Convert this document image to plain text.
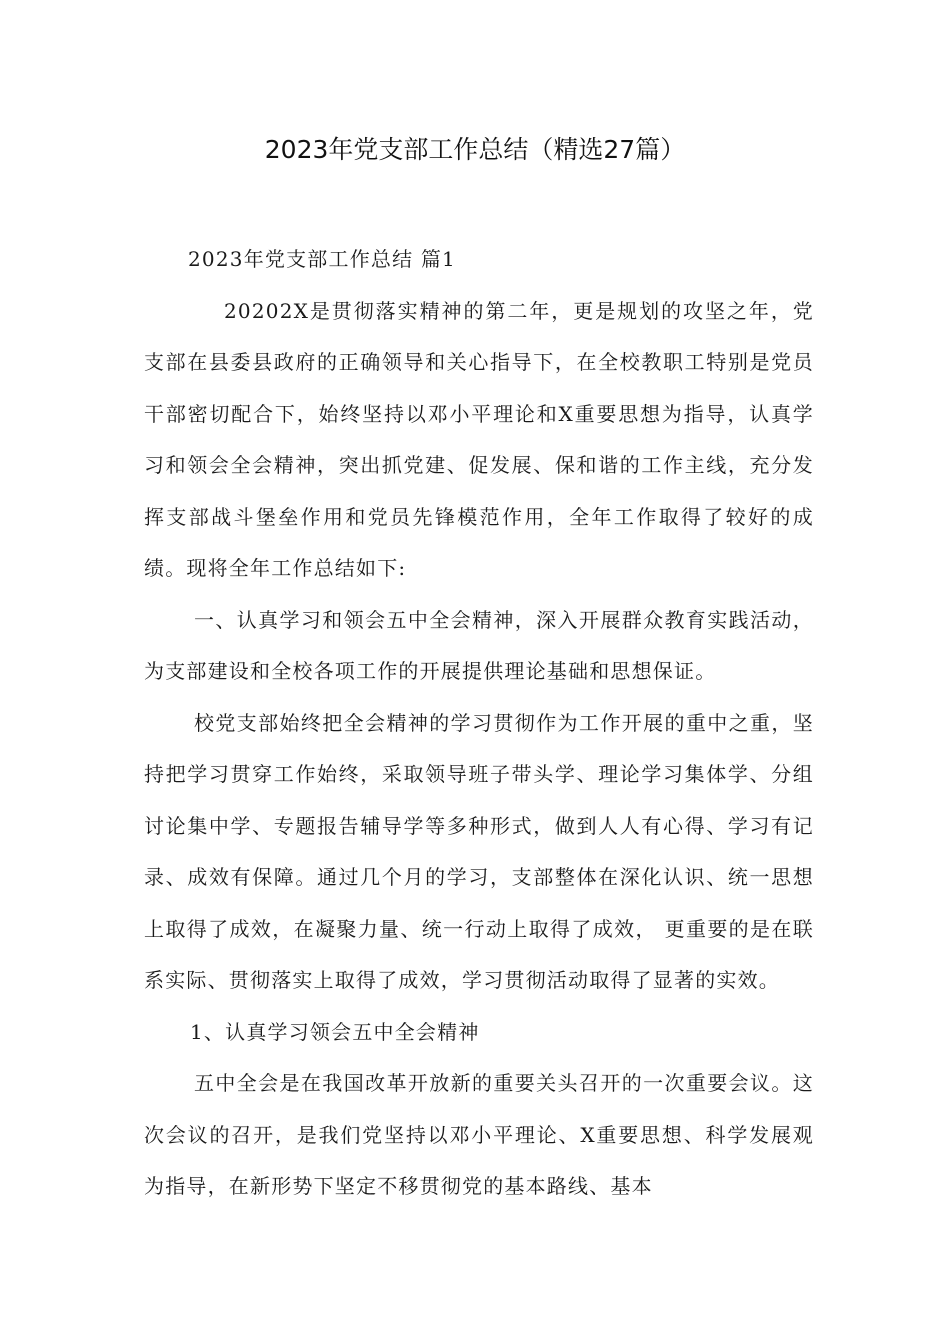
2023年党支部工作总结（精选27篇）

2023年党支部工作总结 篇1

20202X是贯彻落实精神的第二年，更是规划的攻坚之年，党支部在县委县政府的正确领导和关心指导下，在全校教职工特别是党员干部密切配合下，始终坚持以邓小平理论和X重要思想为指导，认真学习和领会全会精神，突出抓党建、促发展、保和谐的工作主线，充分发挥支部战斗堡垒作用和党员先锋模范作用，全年工作取得了较好的成绩。现将全年工作总结如下:

一、认真学习和领会五中全会精神，深入开展群众教育实践活动，为支部建设和全校各项工作的开展提供理论基础和思想保证。

校党支部始终把全会精神的学习贯彻作为工作开展的重中之重，坚持把学习贯穿工作始终，采取领导班子带头学、理论学习集体学、分组讨论集中学、专题报告辅导学等多种形式，做到人人有心得、学习有记录、成效有保障。通过几个月的学习，支部整体在深化认识、统一思想上取得了成效，在凝聚力量、统一行动上取得了成效， 更重要的是在联系实际、贯彻落实上取得了成效，学习贯彻活动取得了显著的实效。

1、认真学习领会五中全会精神

五中全会是在我国改革开放新的重要关头召开的一次重要会议。这次会议的召开，是我们党坚持以邓小平理论、X重要思想、科学发展观为指导，在新形势下坚定不移贯彻党的基本路线、基本
